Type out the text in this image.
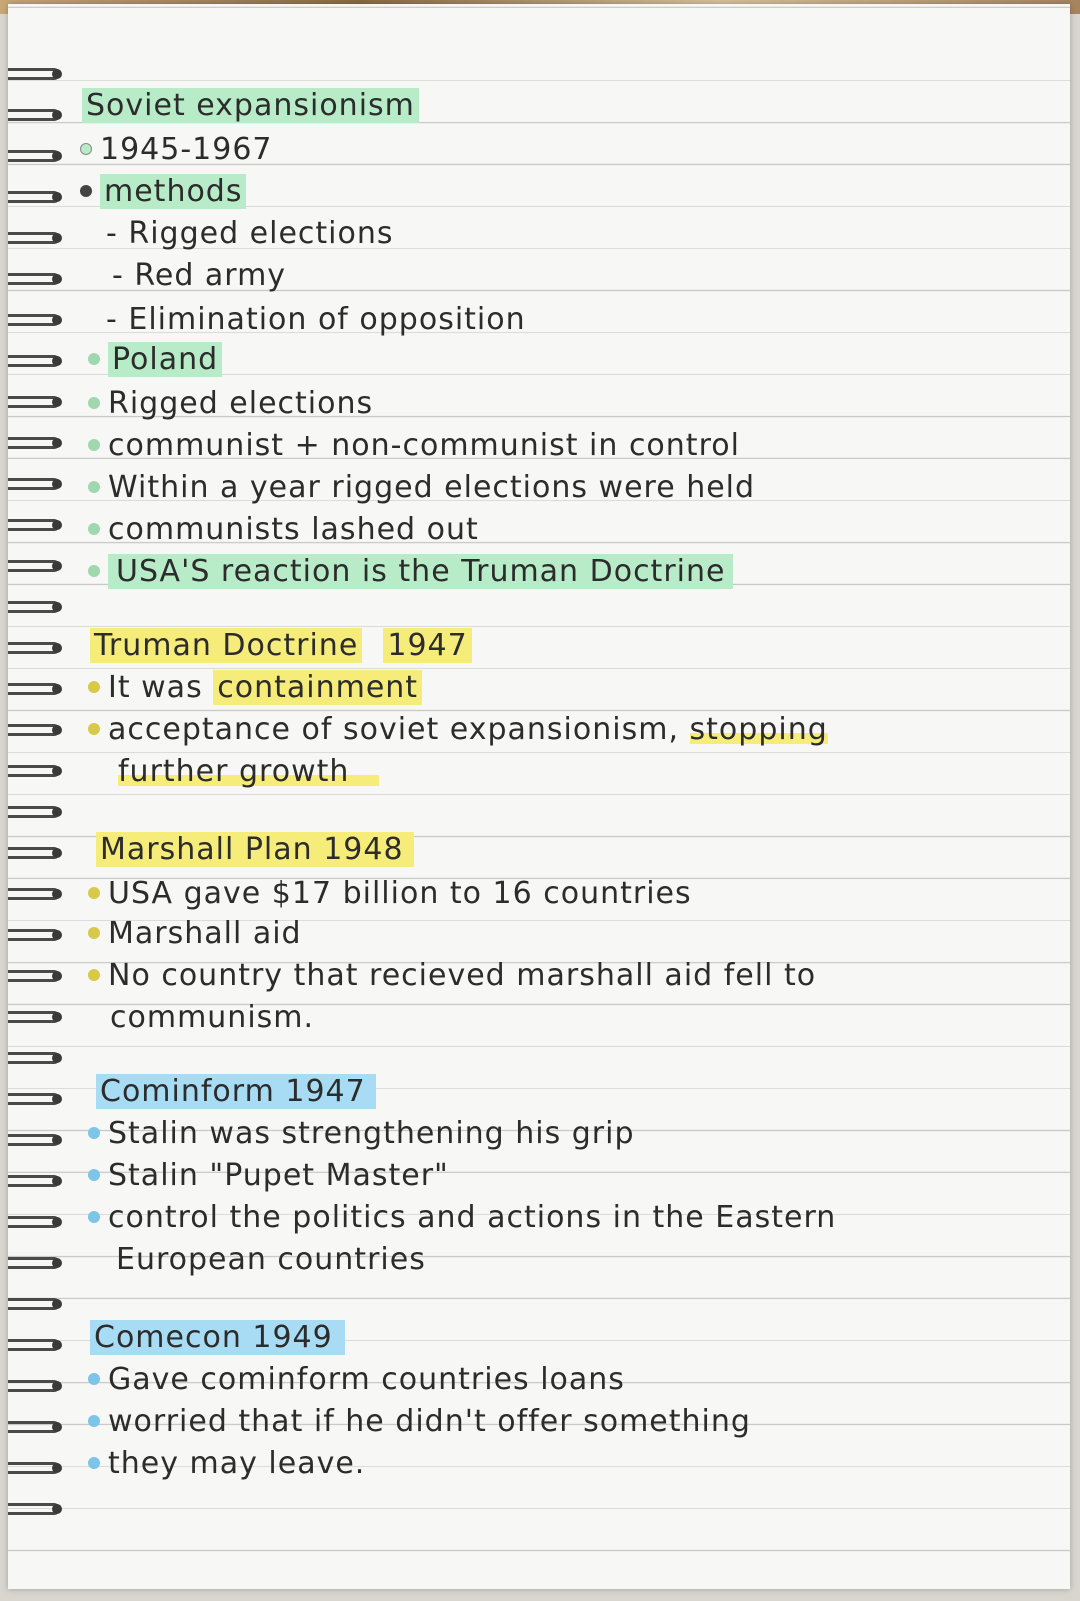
Soviet expansionism
1945-1967
methods
- Rigged elections
- Red army
- Elimination of opposition
Poland
Rigged elections
communist + non-communist in control
Within a year rigged elections were held
communists lashed out
USA'S reaction is the Truman Doctrine
Truman Doctrine 1947
It was containment
acceptance of soviet expansionism, stopping
further growth
Marshall Plan 1948
USA gave $17 billion to 16 countries
Marshall aid
No country that recieved marshall aid fell to
communism.
Cominform 1947
Stalin was strengthening his grip
Stalin "Pupet Master"
control the politics and actions in the Eastern
European countries
Comecon 1949
Gave cominform countries loans
worried that if he didn't offer something
they may leave.
